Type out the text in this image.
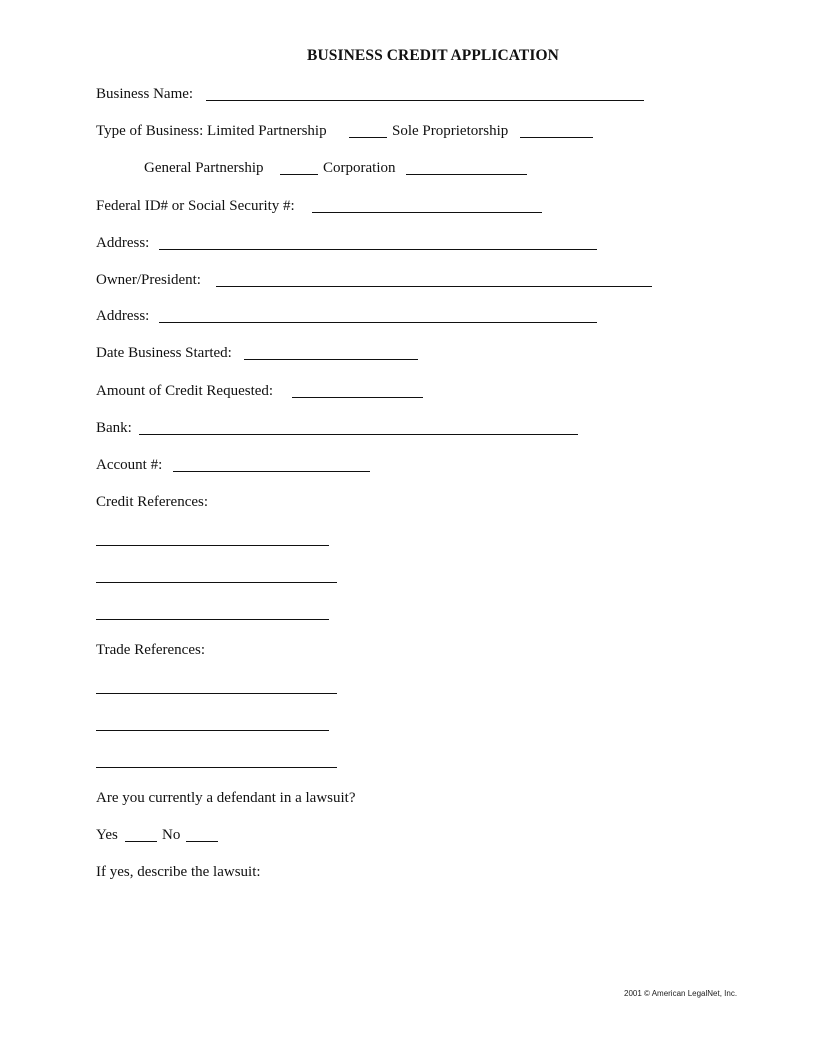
BUSINESS CREDIT APPLICATION
Business Name:
Type of Business: Limited Partnership	Sole Proprietorship
General Partnership	Corporation
Federal ID# or Social Security #:
Address:
Owner/President:
Address:
Date Business Started:
Amount of Credit Requested:
Bank:
Account #:
Credit References:
Trade References:
Are you currently a defendant in a lawsuit?
Yes	No
If yes, describe the lawsuit:
2001 © American LegalNet, Inc.
